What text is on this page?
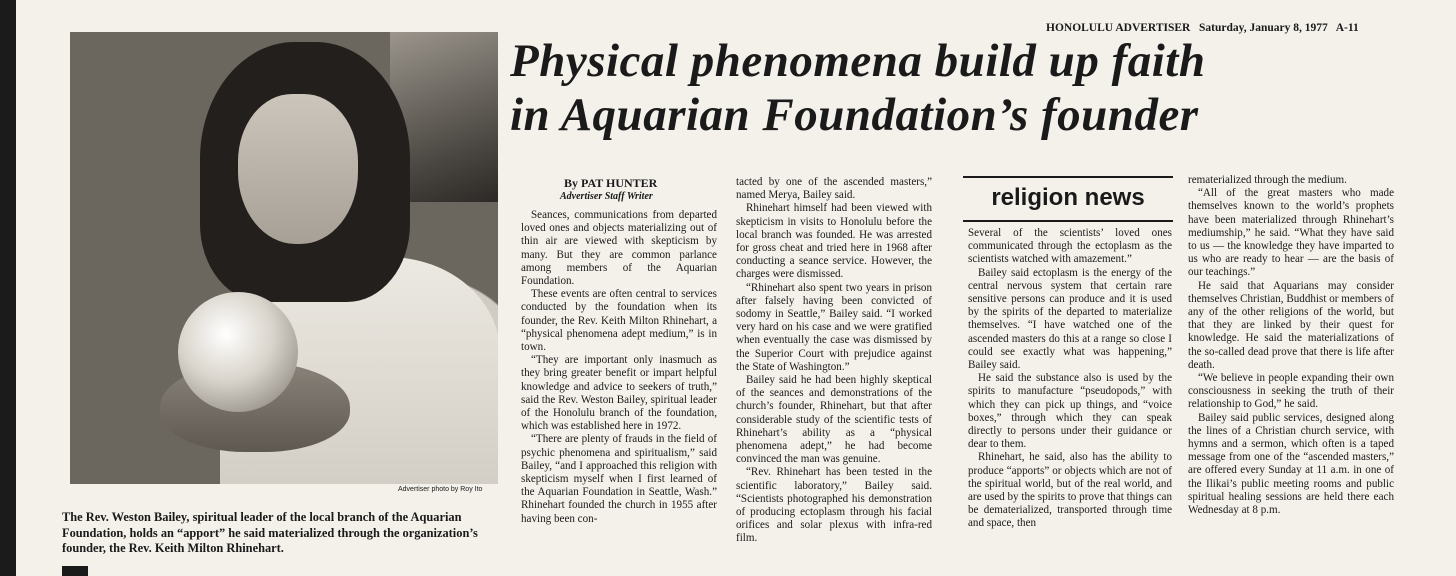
HONOLULU ADVERTISER Saturday, January 8, 1977 A-11
Advertiser photo by Roy Ito
The Rev. Weston Bailey, spiritual leader of the local branch of the Aquarian Foundation, holds an “apport” he said materialized through the organization’s founder, the Rev. Keith Milton Rhinehart.
Physical phenomena build up faith
in Aquarian Foundation’s founder
By PAT HUNTER
Advertiser Staff Writer

Seances, communications from departed loved ones and objects materializing out of thin air are viewed with skepticism by many. But they are common parlance among members of the Aquarian Foundation.

These events are often central to services conducted by the foundation when its founder, the Rev. Keith Milton Rhinehart, a “physical phenomena adept medium,” is in town.

“They are important only inasmuch as they bring greater benefit or impart helpful knowledge and advice to seekers of truth,” said the Rev. Weston Bailey, spiritual leader of the Honolulu branch of the foundation, which was established here in 1972.

“There are plenty of frauds in the field of psychic phenomena and spiritualism,” said Bailey, “and I approached this religion with skepticism myself when I first learned of the Aquarian Foundation in Seattle, Wash.” Rhinehart founded the church in 1955 after having been con-

tacted by one of the ascended masters,” named Merya, Bailey said.

Rhinehart himself had been viewed with skepticism in visits to Honolulu before the local branch was founded. He was arrested for gross cheat and tried here in 1968 after conducting a seance service. However, the charges were dismissed.

“Rhinehart also spent two years in prison after falsely having been convicted of sodomy in Seattle,” Bailey said. “I worked very hard on his case and we were gratified when eventually the case was dismissed by the Superior Court with prejudice against the State of Washington.”

Bailey said he had been highly skeptical of the seances and demonstrations of the church’s founder, Rhinehart, but that after considerable study of the scientific tests of Rhinehart’s ability as a “physical phenomena adept,” he had become convinced the man was genuine.

“Rev. Rhinehart has been tested in the scientific laboratory,” Bailey said. “Scientists photographed his demonstration of producing ectoplasm through his facial orifices and solar plexus with infra-red film.

religion news

Several of the scientists’ loved ones communicated through the ectoplasm as the scientists watched with amazement.”

Bailey said ectoplasm is the energy of the central nervous system that certain rare sensitive persons can produce and it is used by the spirits of the departed to materialize themselves. “I have watched one of the ascended masters do this at a range so close I could see exactly what was happening,” Bailey said.

He said the substance also is used by the spirits to manufacture “pseudopods,” with which they can pick up things, and “voice boxes,” through which they can speak directly to persons under their guidance or dear to them.

Rhinehart, he said, also has the ability to produce “apports” or objects which are not of the spiritual world, but of the real world, and are used by the spirits to prove that things can be dematerialized, transported through time and space, then

rematerialized through the medium.

“All of the great masters who made themselves known to the world’s prophets have been materialized through Rhinehart’s mediumship,” he said. “What they have said to us — the knowledge they have imparted to us who are ready to hear — are the basis of our teachings.”

He said that Aquarians may consider themselves Christian, Buddhist or members of any of the other religions of the world, but that they are linked by their quest for knowledge. He said the materializations of the so-called dead prove that there is life after death.

“We believe in people expanding their own consciousness in seeking the truth of their relationship to God,” he said.

Bailey said public services, designed along the lines of a Christian church service, with hymns and a sermon, which often is a taped message from one of the “ascended masters,” are offered every Sunday at 11 a.m. in one of the Ilikai’s public meeting rooms and public spiritual healing sessions are held there each Wednesday at 8 p.m.
